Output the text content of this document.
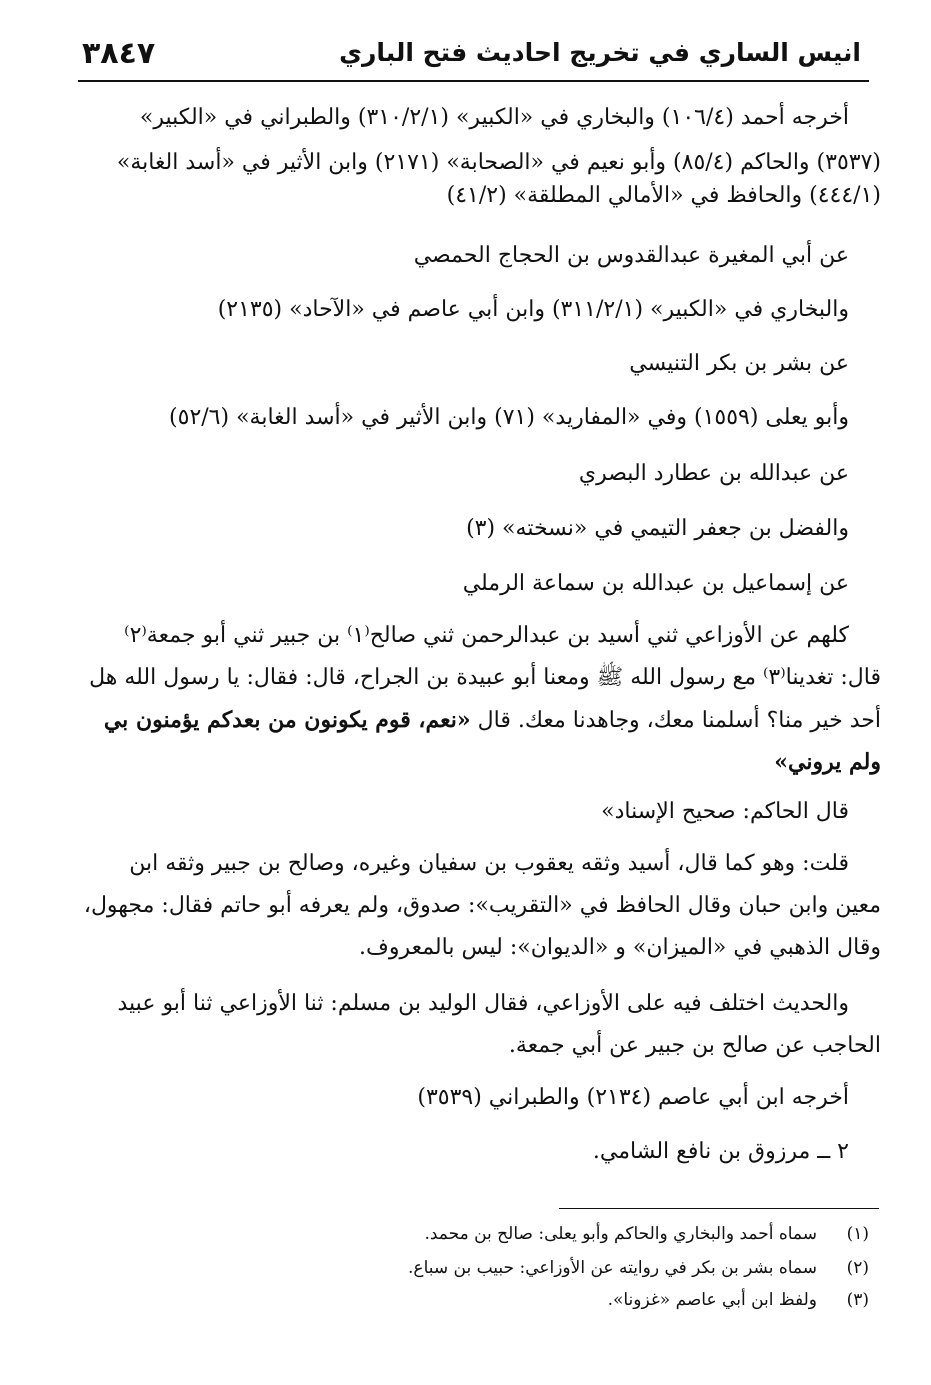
انيس الساري في تخريج احاديث فتح الباري
٣٨٤٧
أخرجه أحمد (١٠٦/٤) والبخاري في «الكبير» (٣١٠/٢/١) والطبراني في «الكبير»
(٣٥٣٧) والحاكم (٨٥/٤) وأبو نعيم في «الصحابة» (٢١٧١) وابن الأثير في «أسد الغابة»
(٤٤٤/١) والحافظ في «الأمالي المطلقة» (٤١/٢)
عن أبي المغيرة عبدالقدوس بن الحجاج الحمصي
والبخاري في «الكبير» (٣١١/٢/١) وابن أبي عاصم في «الآحاد» (٢١٣٥)
عن بشر بن بكر التنيسي
وأبو يعلى (١٥٥٩) وفي «المفاريد» (٧١) وابن الأثير في «أسد الغابة» (٥٢/٦)
عن عبدالله بن عطارد البصري
والفضل بن جعفر التيمي في «نسخته» (٣)
عن إسماعيل بن عبدالله بن سماعة الرملي
كلهم عن الأوزاعي ثني أسيد بن عبدالرحمن ثني صالح⁽١⁾ بن جبير ثني أبو جمعة⁽٢⁾
قال: تغدينا⁽٣⁾ مع رسول الله ﷺ ومعنا أبو عبيدة بن الجراح، قال: فقال: يا رسول الله هل
أحد خير منا؟ أسلمنا معك، وجاهدنا معك. قال «نعم، قوم يكونون من بعدكم يؤمنون بي
ولم يروني»
قال الحاكم: صحيح الإسناد»
قلت: وهو كما قال، أسيد وثقه يعقوب بن سفيان وغيره، وصالح بن جبير وثقه ابن
معين وابن حبان وقال الحافظ في «التقريب»: صدوق، ولم يعرفه أبو حاتم فقال: مجهول،
وقال الذهبي في «الميزان» و «الديوان»: ليس بالمعروف.
والحديث اختلف فيه على الأوزاعي، فقال الوليد بن مسلم: ثنا الأوزاعي ثنا أبو عبيد
الحاجب عن صالح بن جبير عن أبي جمعة.
أخرجه ابن أبي عاصم (٢١٣٤) والطبراني (٣٥٣٩)
٢ ــ مرزوق بن نافع الشامي.
(١)
سماه أحمد والبخاري والحاكم وأبو يعلى: صالح بن محمد.
(٢)
سماه بشر بن بكر في روايته عن الأوزاعي: حبيب بن سباع.
(٣)
ولفظ ابن أبي عاصم «غزونا».
